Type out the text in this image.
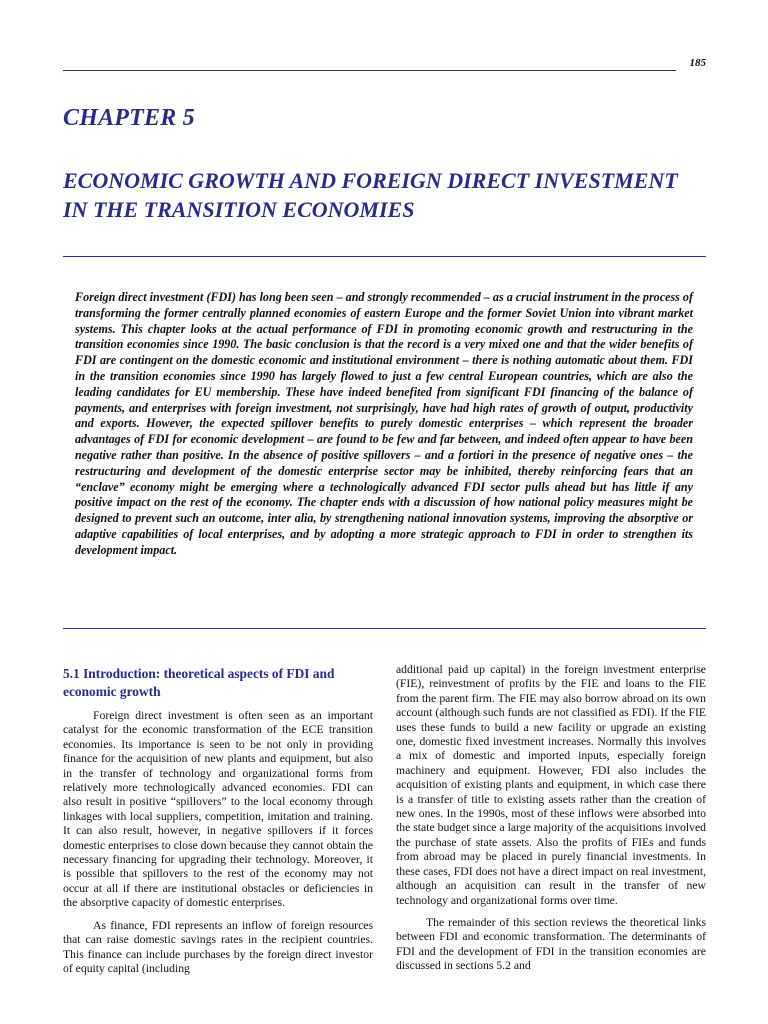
185
CHAPTER 5
ECONOMIC GROWTH AND FOREIGN DIRECT INVESTMENT IN THE TRANSITION ECONOMIES

Foreign direct investment (FDI) has long been seen – and strongly recommended – as a crucial instrument in the process of transforming the former centrally planned economies of eastern Europe and the former Soviet Union into vibrant market systems. This chapter looks at the actual performance of FDI in promoting economic growth and restructuring in the transition economies since 1990. The basic conclusion is that the record is a very mixed one and that the wider benefits of FDI are contingent on the domestic economic and institutional environment – there is nothing automatic about them. FDI in the transition economies since 1990 has largely flowed to just a few central European countries, which are also the leading candidates for EU membership. These have indeed benefited from significant FDI financing of the balance of payments, and enterprises with foreign investment, not surprisingly, have had high rates of growth of output, productivity and exports. However, the expected spillover benefits to purely domestic enterprises – which represent the broader advantages of FDI for economic development – are found to be few and far between, and indeed often appear to have been negative rather than positive. In the absence of positive spillovers – and a fortiori in the presence of negative ones – the restructuring and development of the domestic enterprise sector may be inhibited, thereby reinforcing fears that an “enclave” economy might be emerging where a technologically advanced FDI sector pulls ahead but has little if any positive impact on the rest of the economy. The chapter ends with a discussion of how national policy measures might be designed to prevent such an outcome, inter alia, by strengthening national innovation systems, improving the absorptive or adaptive capabilities of local enterprises, and by adopting a more strategic approach to FDI in order to strengthen its development impact.

5.1 Introduction: theoretical aspects of FDI and economic growth

Foreign direct investment is often seen as an important catalyst for the economic transformation of the ECE transition economies. Its importance is seen to be not only in providing finance for the acquisition of new plants and equipment, but also in the transfer of technology and organizational forms from relatively more technologically advanced economies. FDI can also result in positive “spillovers” to the local economy through linkages with local suppliers, competition, imitation and training. It can also result, however, in negative spillovers if it forces domestic enterprises to close down because they cannot obtain the necessary financing for upgrading their technology. Moreover, it is possible that spillovers to the rest of the economy may not occur at all if there are institutional obstacles or deficiencies in the absorptive capacity of domestic enterprises.

As finance, FDI represents an inflow of foreign resources that can raise domestic savings rates in the recipient countries. This finance can include purchases by the foreign direct investor of equity capital (including

additional paid up capital) in the foreign investment enterprise (FIE), reinvestment of profits by the FIE and loans to the FIE from the parent firm. The FIE may also borrow abroad on its own account (although such funds are not classified as FDI). If the FIE uses these funds to build a new facility or upgrade an existing one, domestic fixed investment increases. Normally this involves a mix of domestic and imported inputs, especially foreign machinery and equipment. However, FDI also includes the acquisition of existing plants and equipment, in which case there is a transfer of title to existing assets rather than the creation of new ones. In the 1990s, most of these inflows were absorbed into the state budget since a large majority of the acquisitions involved the purchase of state assets. Also the profits of FIEs and funds from abroad may be placed in purely financial investments. In these cases, FDI does not have a direct impact on real investment, although an acquisition can result in the transfer of new technology and organizational forms over time.

The remainder of this section reviews the theoretical links between FDI and economic transformation. The determinants of FDI and the development of FDI in the transition economies are discussed in sections 5.2 and
